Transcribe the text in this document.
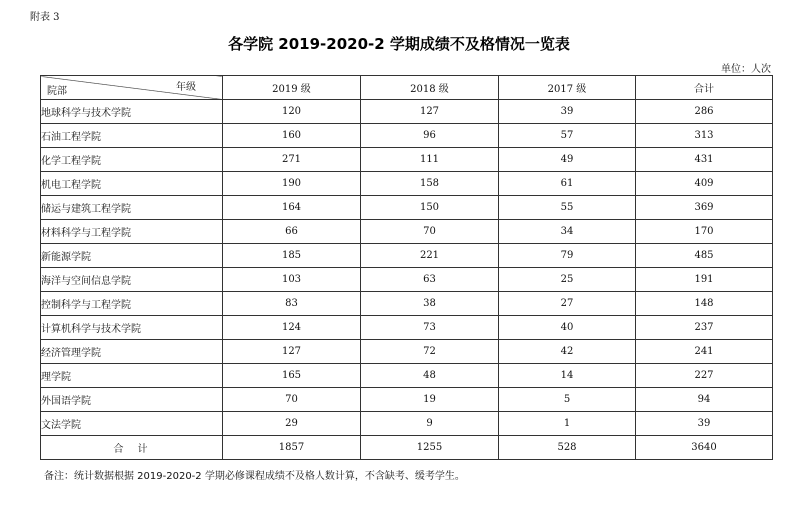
附表 3
各学院 2019-2020-2 学期成绩不及格情况一览表
单位：人次
年级
院部	2019 级	2018 级	2017 级	合计
地球科学与技术学院	120	127	39	286
石油工程学院	160	96	57	313
化学工程学院	271	111	49	431
机电工程学院	190	158	61	409
储运与建筑工程学院	164	150	55	369
材料科学与工程学院	66	70	34	170
新能源学院	185	221	79	485
海洋与空间信息学院	103	63	25	191
控制科学与工程学院	83	38	27	148
计算机科学与技术学院	124	73	40	237
经济管理学院	127	72	42	241
理学院	165	48	14	227
外国语学院	70	19	5	94
文法学院	29	9	1	39
合　计	1857	1255	528	3640
备注：统计数据根据 2019-2020-2 学期必修课程成绩不及格人数计算，不含缺考、缓考学生。
